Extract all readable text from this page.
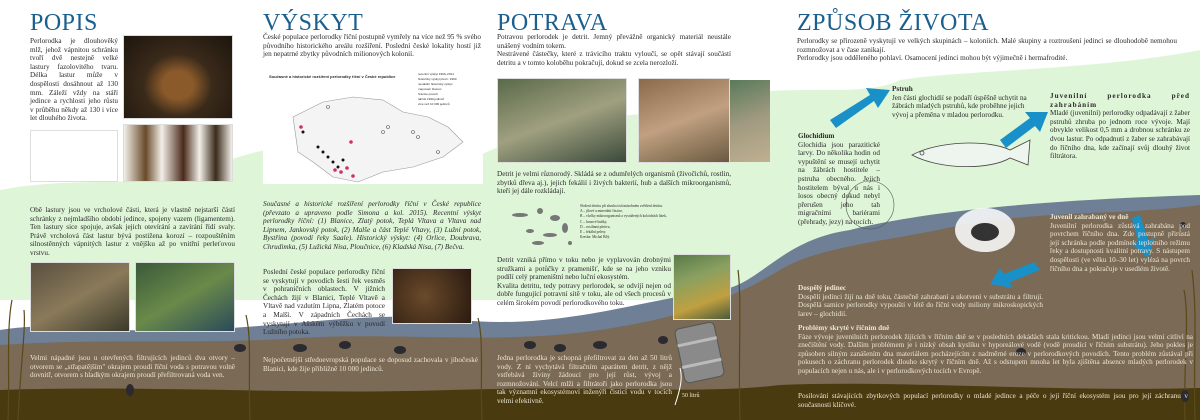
POPIS

Perlorodka je dlouhověký mlž, jehož vápnitou schránku tvoří dvě nestejně velké lastury fazolovitého tvaru. Délka lastur může v dospělosti dosáhnout až 130 mm. Záleží vždy na stáří jedince a rychlosti jeho růstu v průběhu někdy až 130 i více let dlouhého života.

Obě lastury jsou ve vrcholové části, která je vlastně nejstarší částí schránky z nejmladšího období jedince, spojeny vazem (ligamentem). Ten lastury sice spojuje, avšak jejich otevírání a zavírání řídí svaly. Právě vrcholová část lastur bývá postižena korozí – rozpouštěním silnostěnných vápnitých lastur z vnějšku až po vnitřní perleťovou vrstvu.

Velmi nápadné jsou u otevřených filtrujících jedinců dva otvory – otvorem se „střapatějším" okrajem proudí říční voda s potravou volně dovnitř, otvorem s hladkým okrajem proudí přefiltrovaná voda ven.

VÝSKYT

České populace perlorodky říční postupně vymřely na více než 95 % svého původního historického areálu rozšíření. Poslední české lokality hostí již jen nepatrné zbytky původních milionových kolonií.

Současné a historické rozšíření perlorodky říční v České republice	recentní výskyt 1990–2014
historický výskyt před r. 1990
nevalidní historický výskyt
mapovací čtverec
hranice povodí
tah/ok 1990 jedinců
více než 10 000 jedinců

Současné a historické rozšíření perlorodky říční v České republice (převzato a upraveno podle Simona a kol. 2015). Recentní výskyt perlorodky říční: (1) Blanice, Zlatý potok, Teplá Vltava a Vltava nad Lipnem, Jankovský potok, (2) Malše a část Teplé Vltavy, (3) Lužní potok, Bystřina (povodí řeky Saale). Historický výskyt: (4) Orlice, Doubrava, Chrudimka, (5) Lužická Nisa, Ploučnice, (6) Kladská Nisa, (7) Bečva.

Poslední české populace perlorodky říční se vyskytují v povodích šesti řek vesměs v pohraničních oblastech. V jižních Čechách žijí v Blanici, Teplé Vltavě a Vltavě nad vzdutím Lipna, Zlatém potoce a Malši. V západních Čechách se vyskytují v Ašském výběžku v povodí Lužního potoka.

Nejpočetnější středoevropská populace se doposud zachovala v jihočeské Blanici, kde žije přibližně 10 000 jedinců.

POTRAVA

Potravou perlorodek je detrit. Jemný převážně organický materiál neustále unášený vodním tokem.
Nestrávené částečky, které z trávicího traktu vyloučí, se opět stávají součástí detritu a v tomto koloběhu pokračují, dokud se zcela nerozloží.

Detrit je velmi různorodý. Skládá se z odumřelých organismů (živočichů, rostlin, zbytků dřeva aj.), jejich fekálií i živých bakterií, hub a dalších mikroorganismů, kteří jej dále rozkládají.

Složení detritu při zhruba tisícinásobném zvětšení detritu.
A – jílové a minerální částice,
B – vločky mikroorganismů a vysrážených koloidních látek,
C – houové buňky,
D – rostlinná pletiva,
E – fekální pelety.
Kresba: Michal Bílý.

Detrit vzniká přímo v toku nebo je vyplavován drobnými stružkami a potůčky z pramenišť, kde se na jeho vzniku podílí celý prameništní nebo luční ekosystém.
Kvalita detritu, tedy potravy perlorodek, se odvíjí nejen od dobře fungující potravní sítě v toku, ale od všech procesů v celém širokém povodí perlorodkového toku.

Jedna perlorodka je schopná přefiltrovat za den až 50 litrů vody. Z ní vychytává filtračním aparátem detrit, z nějž vstřebává živiny žádoucí pro její růst, vývoj a rozmnožování. Velcí mlži a filtrátoři jako perlorodka jsou tak významní ekosystémoví inženýři čisticí vodu v tocích velmi efektivně.

50 litrů
ZPŮSOB ŽIVOTA

Perlorodky se přirozeně vyskytují ve velkých skupinách – koloniích. Malé skupiny a roztroušení jedinci se dlouhodobě nemohou rozmnožovat a v čase zanikají.
Perlorodky jsou odděleného pohlaví. Osamocení jedinci mohou být výjimečně i hermafrodité.

Pstruh
Jen části glochidií se podaří úspěšně uchytit na žábrách mladých pstruhů, kde proběhne jejich vývoj a přeměna v mladou perlorodku.

Juvenilní perlorodka před zahrabáním
Mladé (juvenilní) perlorodky odpadávají z žaber pstruhů zhruba po jednom roce vývoje. Mají obvykle velikost 0,5 mm a drobnou schránku ze dvou lastur. Po odpadnutí z žaber se zahrabávají do říčního dna, kde začínají svůj dlouhý život filtrátora.

Glochidium
Glochidia jsou parazitické larvy. Do několika hodin od vypuštění se musejí uchytit na žábrách hostitele – pstruha obecného. Jejich hostitelem býval u nás i losos obecný dokud nebyl přerušen jeho tah migračními bariérami (přehrady, jezy) na tocích.

Juvenil zahrabaný ve dně
Juvenilní perlorodka zůstává zahrabána pod povrchem říčního dna. Zde postupně přirůstá její schránka podle podmínek teplotního režimu řeky a dostupnosti kvalitní potravy. S nástupem dospělosti (ve věku 10–30 let) vylézá na povrch říčního dna a pokračuje v usedlém životě.

Dospělý jedinec
Dospělí jedinci žijí na dně toku, částečně zahrabaní a ukotvení v substrátu a filtrují. Dospělá samice perlorodky vypouští v létě do říční vody miliony mikroskopických larev – glochidií.

Problémy skryté v říčním dně
Fáze vývoje juvenilních perlorodek žijících v říčním dně se v posledních dekádách stala kritickou. Mladí jedinci jsou velmi citliví na znečištění vody. Dalším problémem je i nízký obsah kyslíku v hyporeálové vodě (vodě proudící v říčním substrátu). Jeho pokles je způsoben silným zanášením dna materiálem pocházejícím z nadměrné eroze v perlorodkových povodích. Tento problém zůstával při pokusech o záchranu perlorodek dlouho skrytý v říčním dně. Až s odstupem mnoha let byla zjištěna absence mladých perlorodek v populacích nejen u nás, ale i v perlorodkových tocích v Evropě.

Posilování stávajících zbytkových populací perlorodky o mladé jedince a péče o její říční ekosystém jsou pro její záchranu v současnosti klíčové.
